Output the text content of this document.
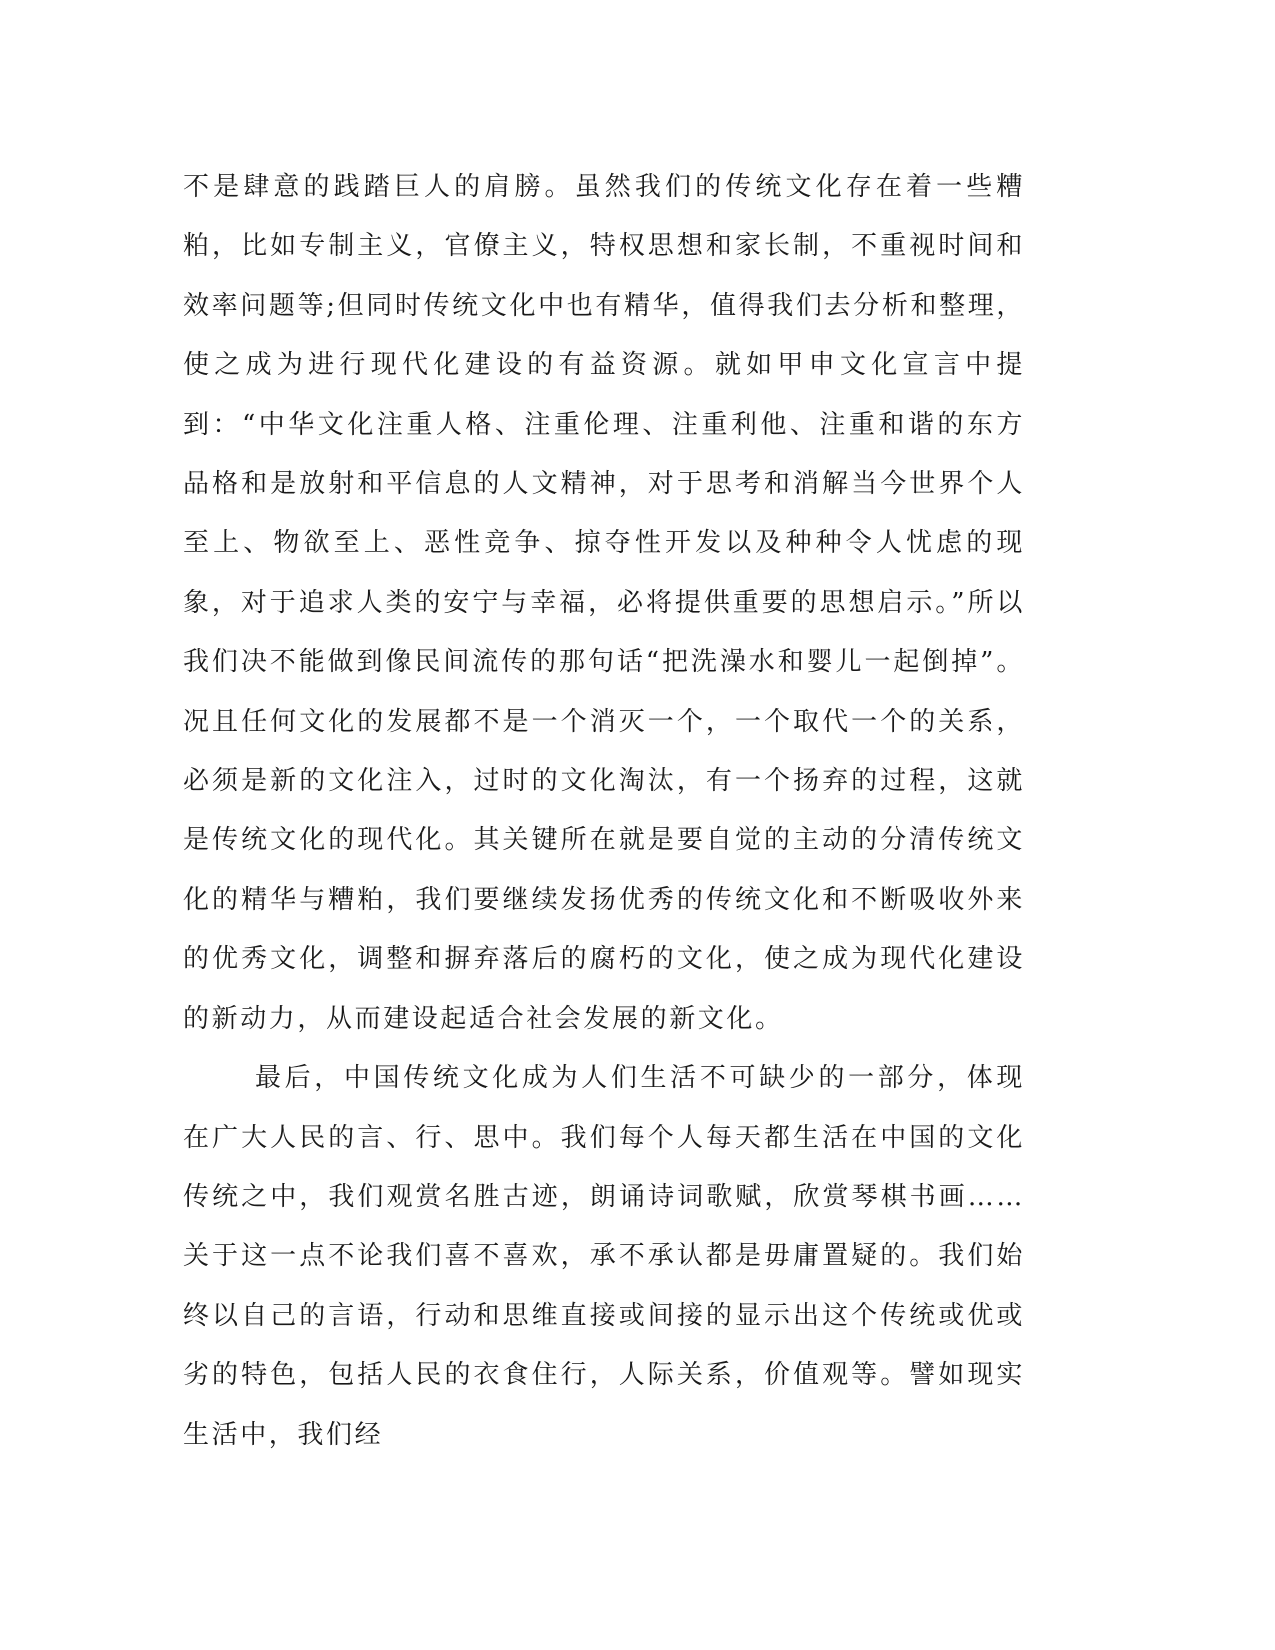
不是肆意的践踏巨人的肩膀。虽然我们的传统文化存在着一些糟粕，比如专制主义，官僚主义，特权思想和家长制，不重视时间和效率问题等;但同时传统文化中也有精华，值得我们去分析和整理，使之成为进行现代化建设的有益资源。就如甲申文化宣言中提到：“中华文化注重人格、注重伦理、注重利他、注重和谐的东方品格和是放射和平信息的人文精神，对于思考和消解当今世界个人至上、物欲至上、恶性竞争、掠夺性开发以及种种令人忧虑的现象，对于追求人类的安宁与幸福，必将提供重要的思想启示。”所以我们决不能做到像民间流传的那句话“把洗澡水和婴儿一起倒掉”。况且任何文化的发展都不是一个消灭一个，一个取代一个的关系，必须是新的文化注入，过时的文化淘汰，有一个扬弃的过程，这就是传统文化的现代化。其关键所在就是要自觉的主动的分清传统文化的精华与糟粕，我们要继续发扬优秀的传统文化和不断吸收外来的优秀文化，调整和摒弃落后的腐朽的文化，使之成为现代化建设的新动力，从而建设起适合社会发展的新文化。

最后，中国传统文化成为人们生活不可缺少的一部分，体现在广大人民的言、行、思中。我们每个人每天都生活在中国的文化传统之中，我们观赏名胜古迹，朗诵诗词歌赋，欣赏琴棋书画……关于这一点不论我们喜不喜欢，承不承认都是毋庸置疑的。我们始终以自己的言语，行动和思维直接或间接的显示出这个传统或优或劣的特色，包括人民的衣食住行，人际关系，价值观等。譬如现实生活中，我们经
